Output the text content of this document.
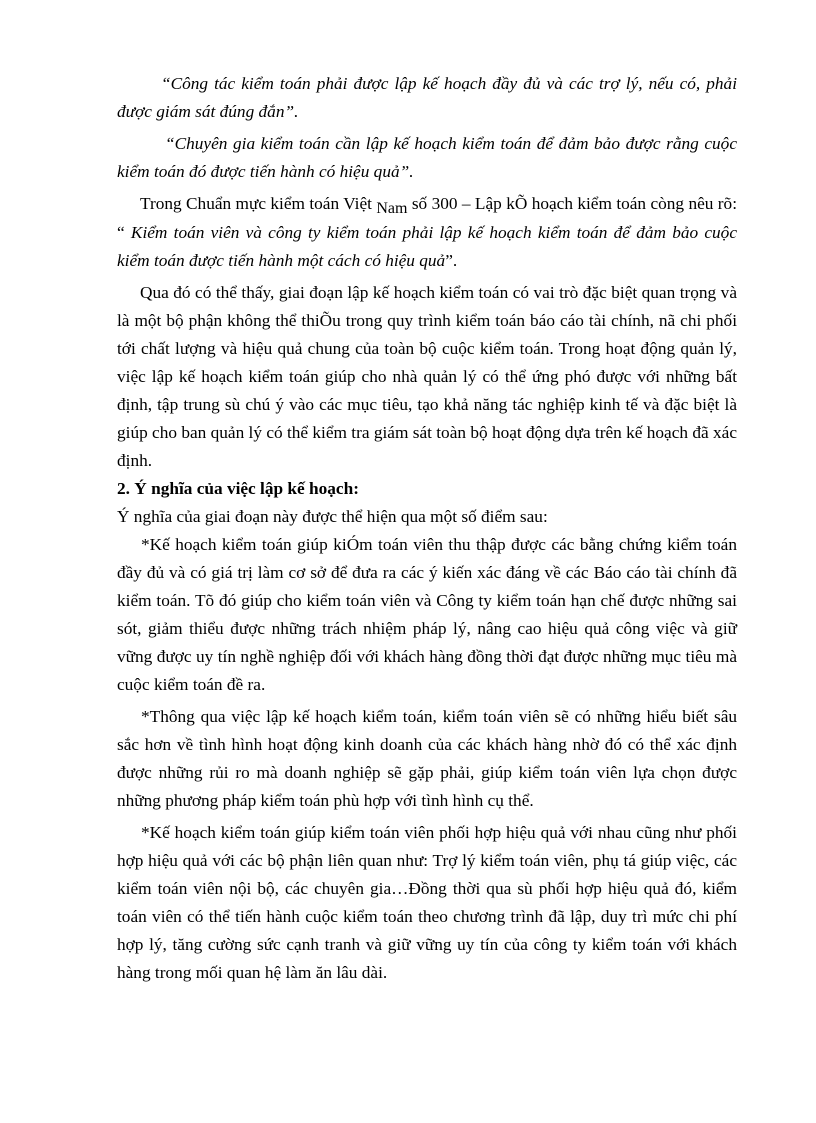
“Công tác kiểm toán phải được lập kế hoạch đầy đủ và các trợ lý, nếu có, phải được giám sát đúng đắn”.

“Chuyên gia kiểm toán cần lập kế hoạch kiểm toán để đảm bảo được rằng cuộc kiểm toán đó được tiến hành có hiệu quả”.

Trong Chuẩn mực kiểm toán Việt Nam số 300 – Lập kÕ hoạch kiểm toán còng nêu rõ: “ Kiểm toán viên và công ty kiểm toán phải lập kế hoạch kiểm toán để đảm bảo cuộc kiểm toán được tiến hành một cách có hiệu quả”.

Qua đó có thể thấy, giai đoạn lập kế hoạch kiểm toán có vai trò đặc biệt quan trọng và là một bộ phận không thể thiÕu trong quy trình kiểm toán báo cáo tài chính, nã chi phối tới chất lượng và hiệu quả chung của toàn bộ cuộc kiểm toán. Trong hoạt động quản lý, việc lập kế hoạch kiểm toán giúp cho nhà quản lý có thể ứng phó được với những bất định, tập trung sù chú ý vào các mục tiêu, tạo khả năng tác nghiệp kinh tế và đặc biệt là giúp cho ban quản lý có thể kiểm tra giám sát toàn bộ hoạt động dựa trên kế hoạch đã xác định.

2. Ý nghĩa của việc lập kế hoạch:

Ý nghĩa của giai đoạn này được thể hiện qua một số điểm sau:

*Kế hoạch kiểm toán giúp kiÓm toán viên thu thập được các bằng chứng kiểm toán đầy đủ và có giá trị làm cơ sở để đưa ra các ý kiến xác đáng về các Báo cáo tài chính đã kiểm toán. Tõ đó giúp cho kiểm toán viên và Công ty kiểm toán hạn chế được những sai sót, giảm thiểu được những trách nhiệm pháp lý, nâng cao hiệu quả công việc và giữ vững được uy tín nghề nghiệp đối với khách hàng đồng thời đạt được những mục tiêu mà cuộc kiểm toán đề ra.

*Thông qua việc lập kế hoạch kiểm toán, kiểm toán viên sẽ có những hiểu biết sâu sắc hơn về tình hình hoạt động kinh doanh của các khách hàng nhờ đó có thể xác định được những rủi ro mà doanh nghiệp sẽ gặp phải, giúp kiểm toán viên lựa chọn được những phương pháp kiểm toán phù hợp với tình hình cụ thể.

*Kế hoạch kiểm toán giúp kiểm toán viên phối hợp hiệu quả với nhau cũng như phối hợp hiệu quả với các bộ phận liên quan như: Trợ lý kiểm toán viên, phụ tá giúp việc, các kiểm toán viên nội bộ, các chuyên gia…Đồng thời qua sù phối hợp hiệu quả đó, kiểm toán viên có thể tiến hành cuộc kiểm toán theo chương trình đã lập, duy trì mức chi phí hợp lý, tăng cường sức cạnh tranh và giữ vững uy tín của công ty kiểm toán với khách hàng trong mối quan hệ làm ăn lâu dài.
